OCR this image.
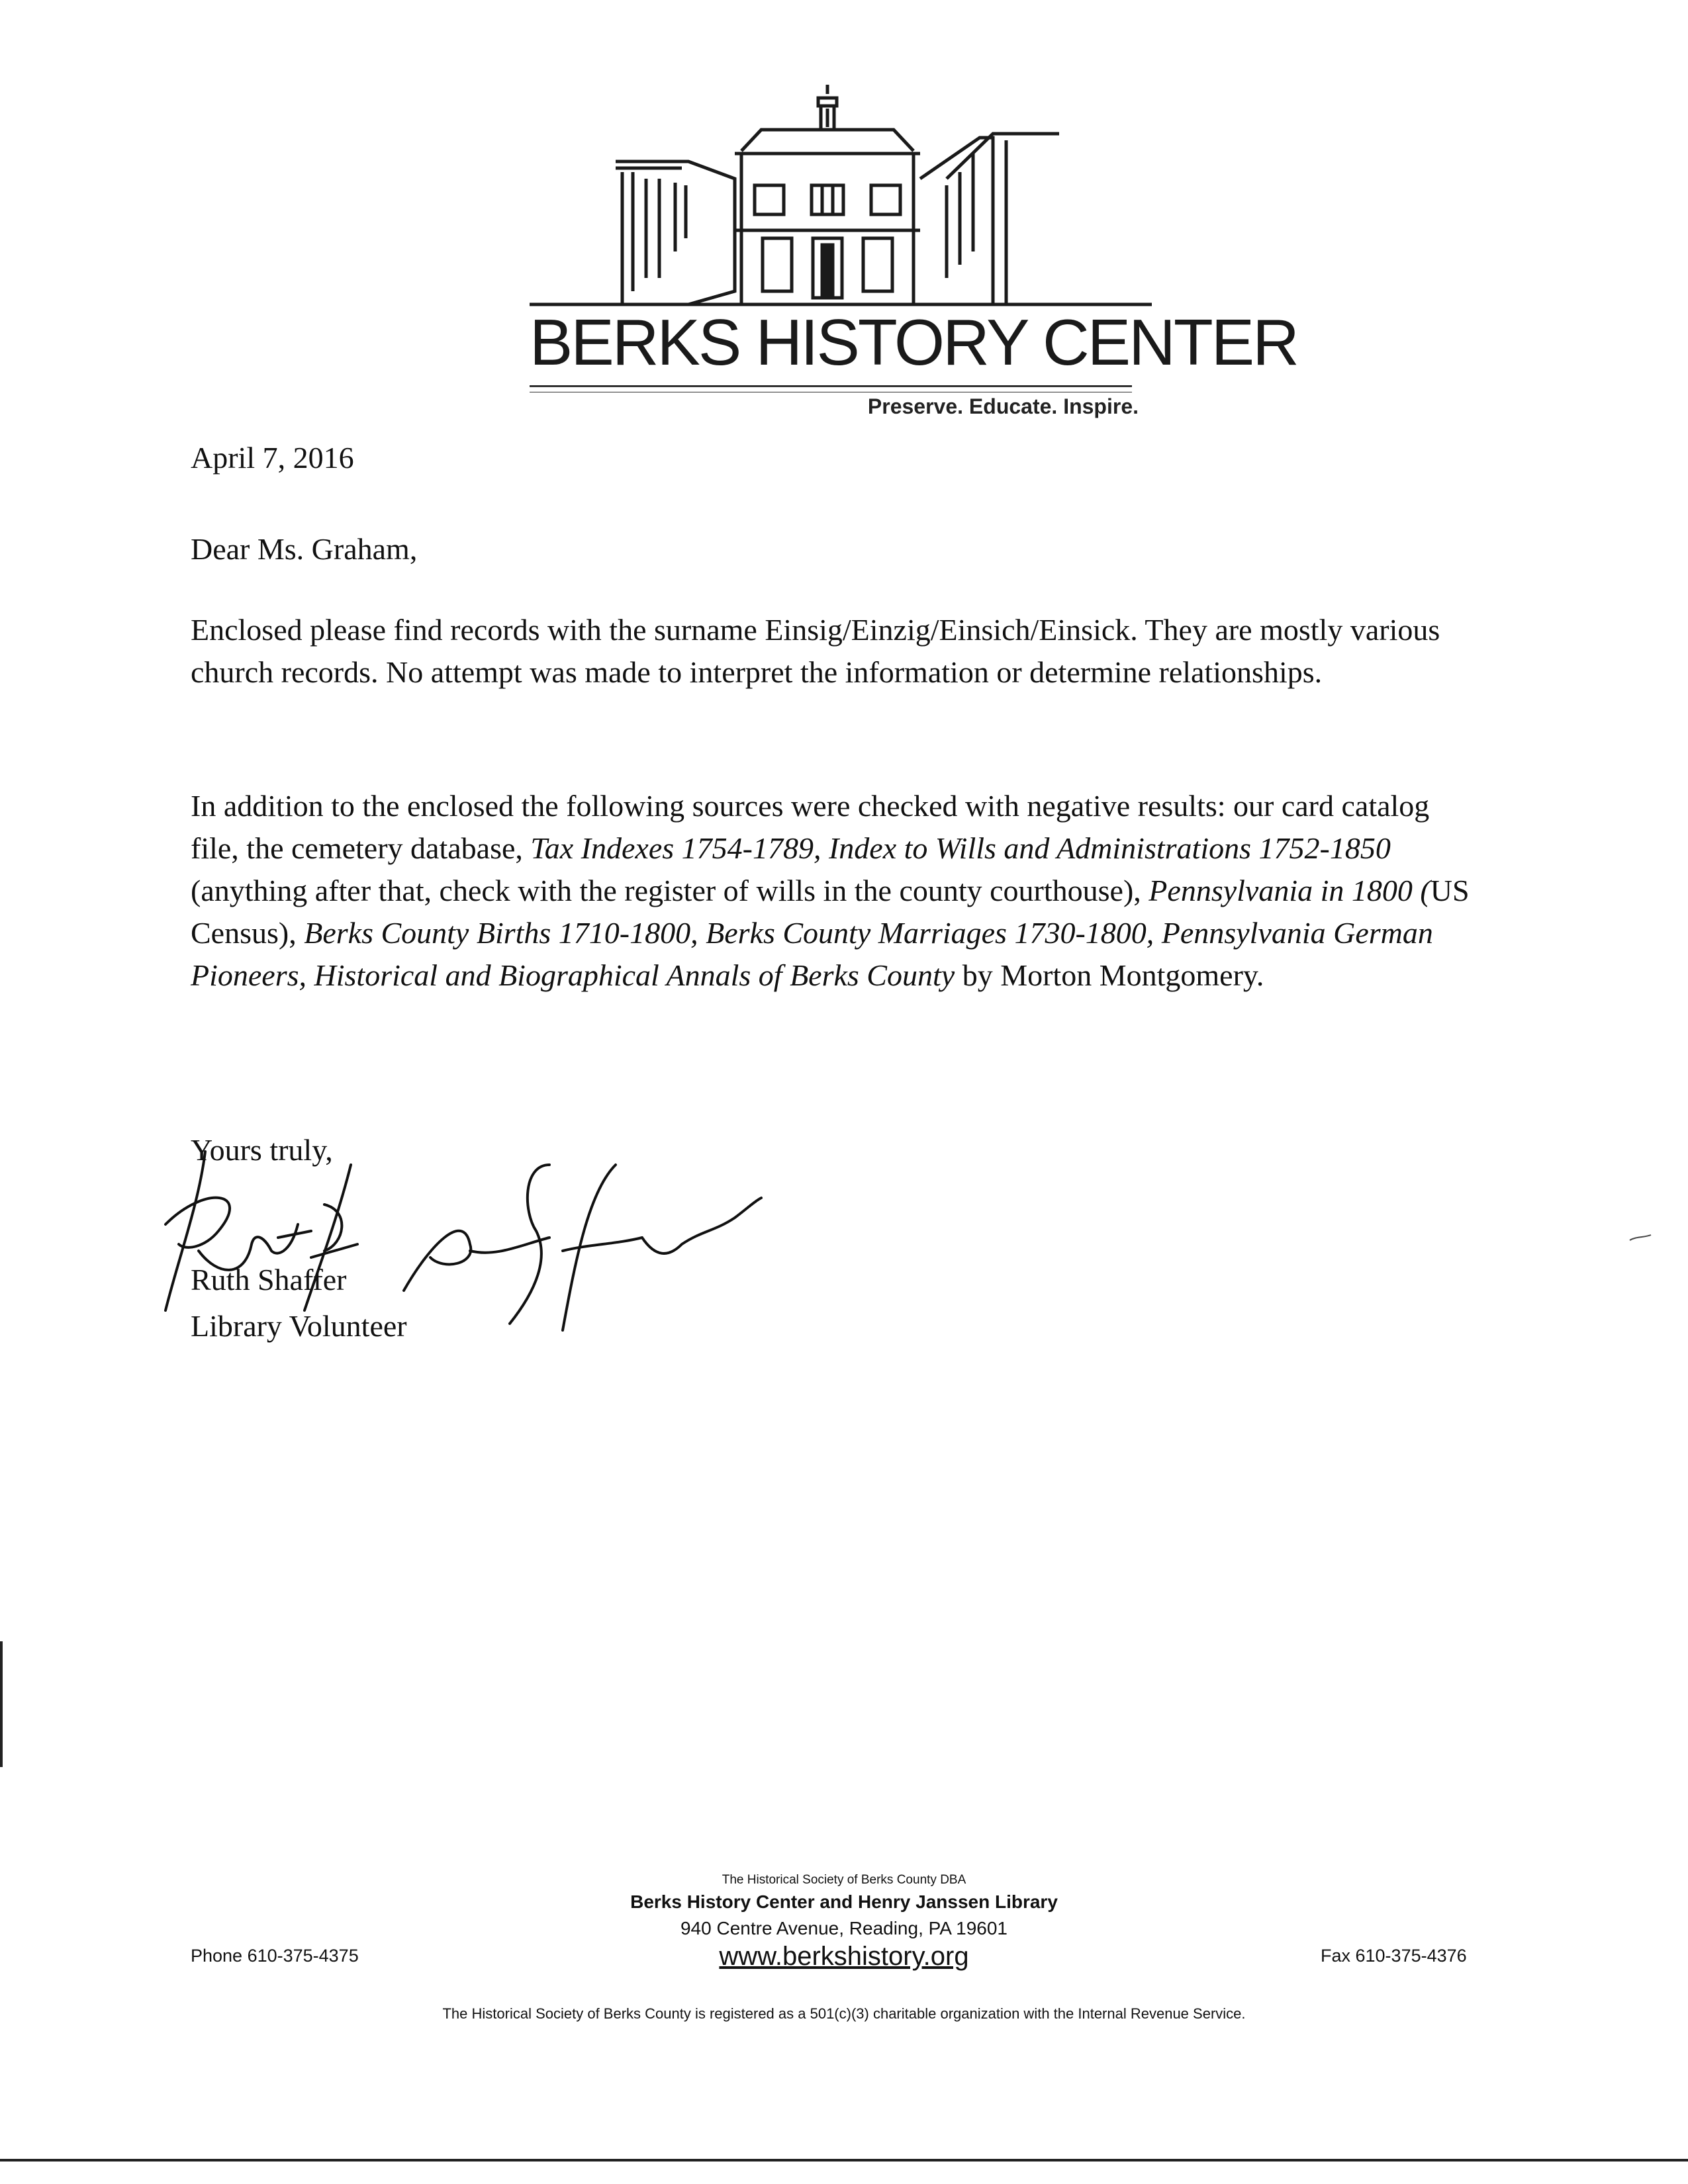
BERKS HISTORY CENTER
Preserve. Educate. Inspire.
April 7, 2016
Dear Ms. Graham,
Enclosed please find records with the surname Einsig/Einzig/Einsich/Einsick. They are mostly various church records. No attempt was made to interpret the information or determine relationships.
In addition to the enclosed the following sources were checked with negative results: our card catalog file, the cemetery database, Tax Indexes 1754-1789, Index to Wills and Administrations 1752-1850 (anything after that, check with the register of wills in the county courthouse), Pennsylvania in 1800 (US Census), Berks County Births 1710-1800, Berks County Marriages 1730-1800, Pennsylvania German Pioneers, Historical and Biographical Annals of Berks County by Morton Montgomery.
Yours truly,
Ruth Shaffer
Library Volunteer
The Historical Society of Berks County DBA
Berks History Center and Henry Janssen Library
940 Centre Avenue, Reading, PA 19601
www.berkshistory.org
Phone 610-375-4375	Fax 610-375-4376
The Historical Society of Berks County is registered as a 501(c)(3) charitable organization with the Internal Revenue Service.
